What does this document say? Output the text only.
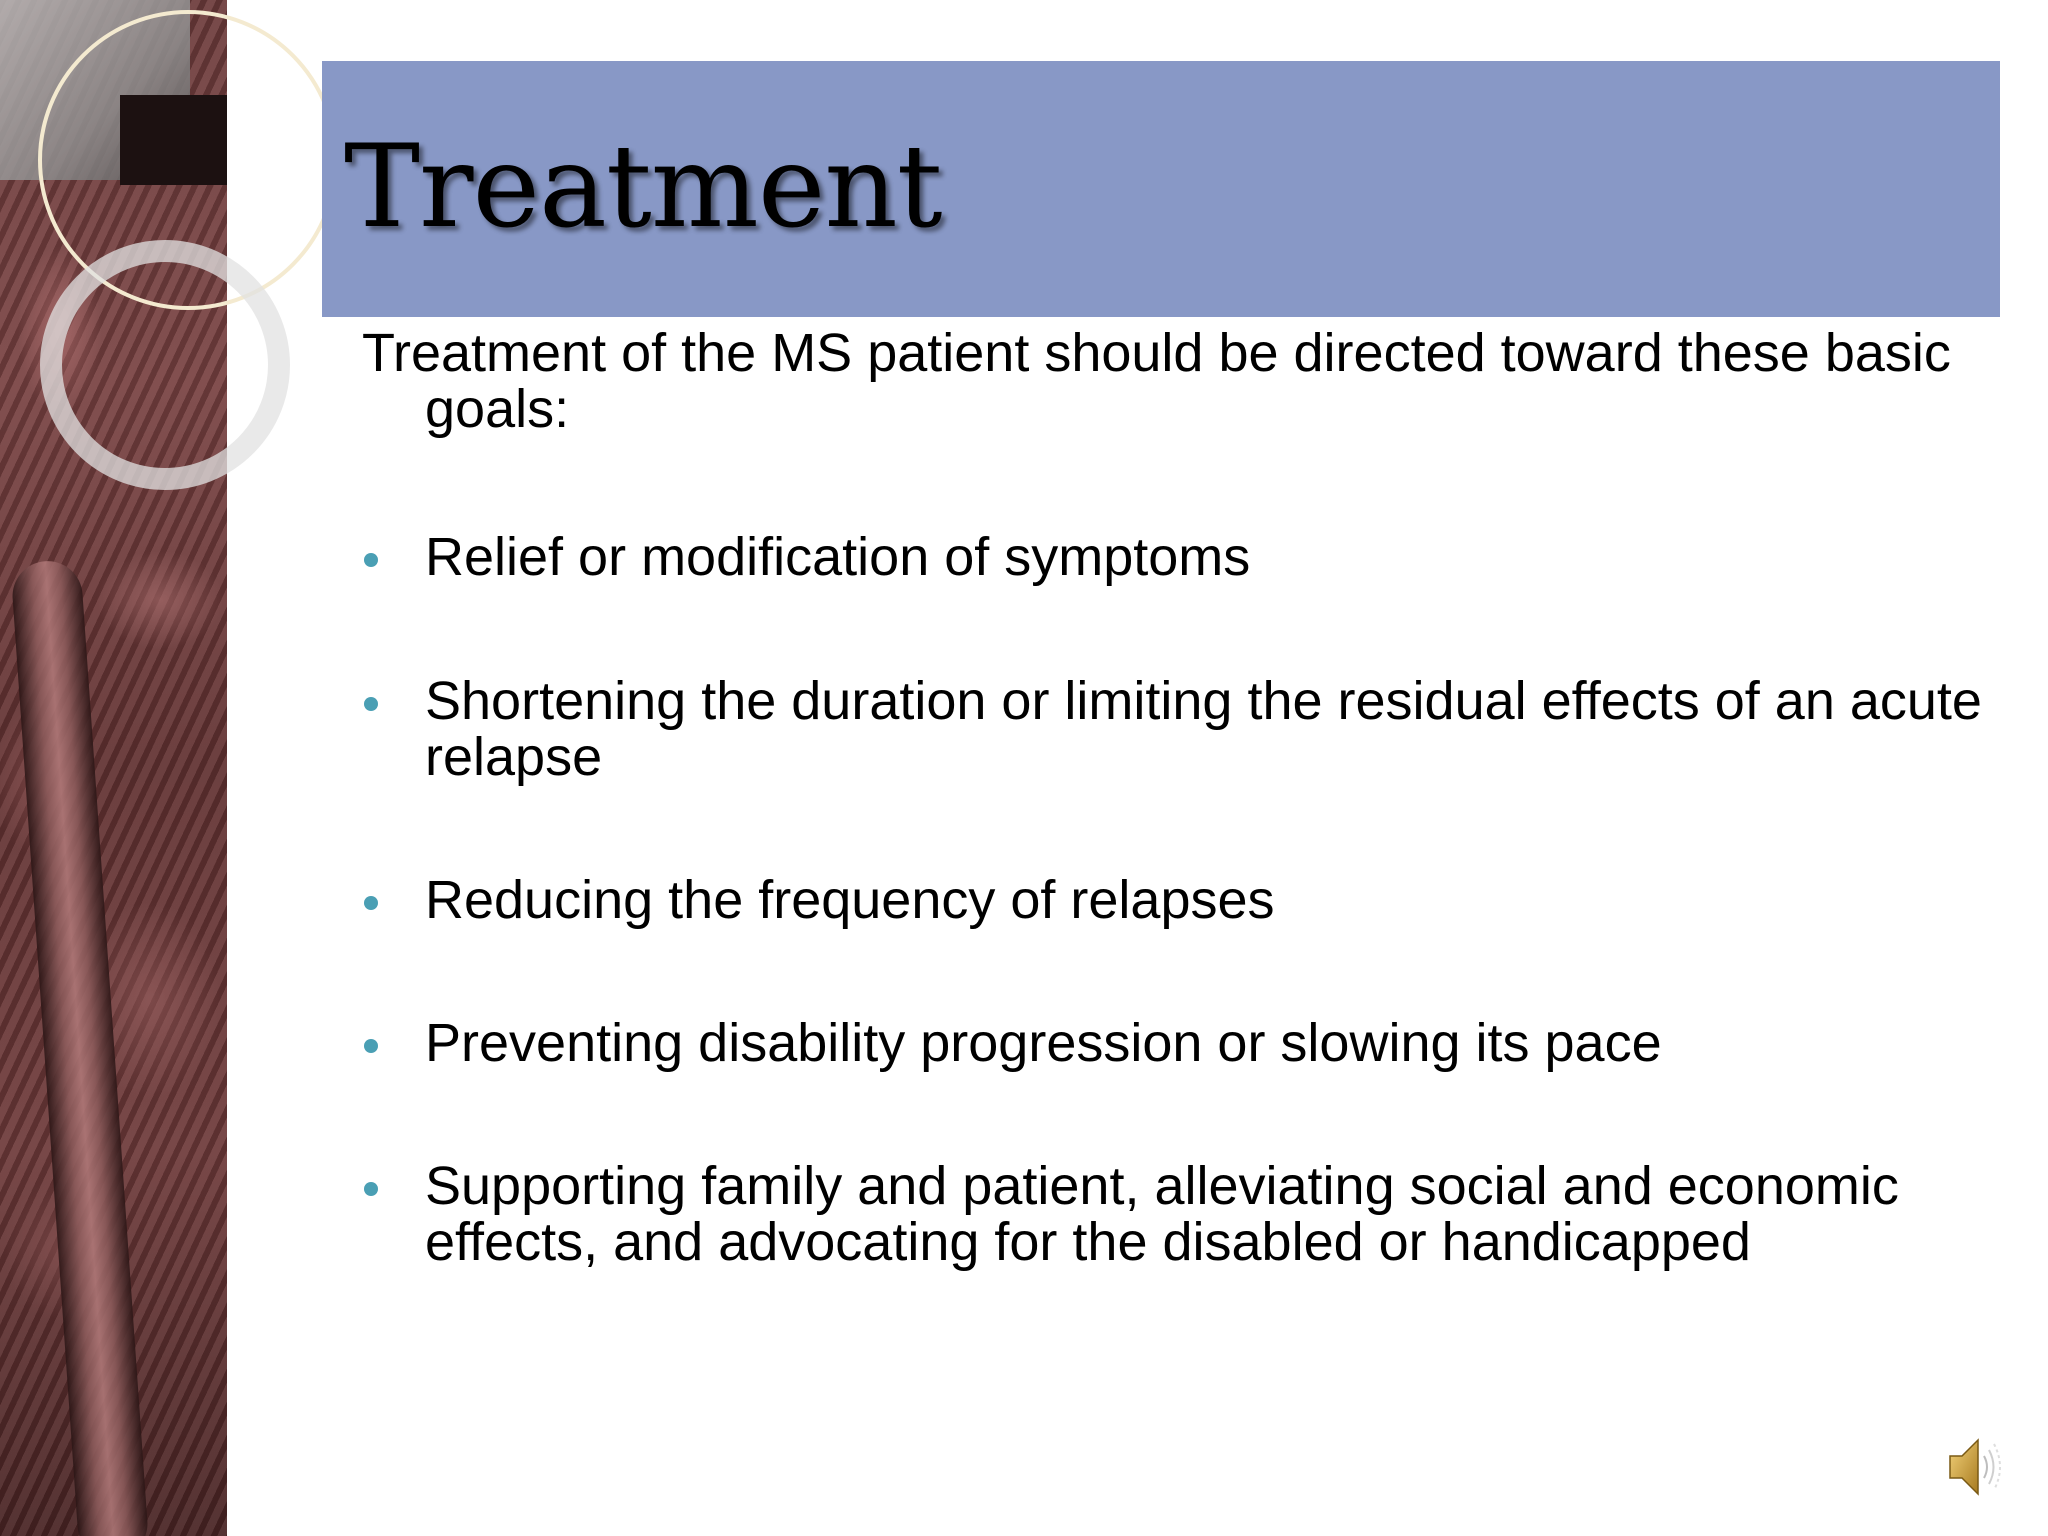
Treatment

Treatment of the MS patient should be directed toward these basic goals:

Relief or modification of symptoms
Shortening the duration or limiting the residual effects of an acute relapse
Reducing the frequency of relapses
Preventing disability progression or slowing its pace
Supporting family and patient, alleviating social and economic effects, and advocating for the disabled or handicapped
